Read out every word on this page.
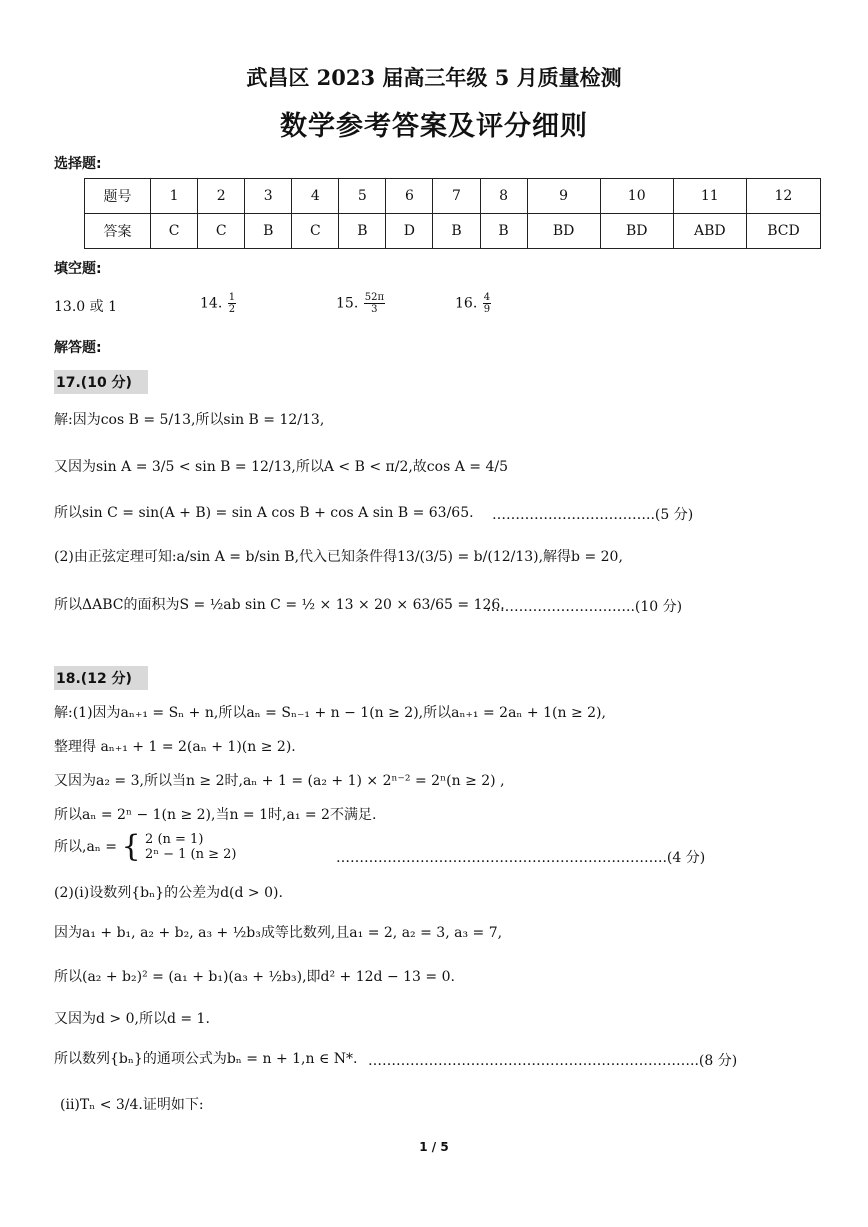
武昌区 2023 届高三年级 5 月质量检测
数学参考答案及评分细则
选择题:
题号	1	2	3	4	5	6	7	8	9	10	11	12
答案	C	C	B	C	B	D	B	B	BD	BD	ABD	BCD
填空题:
13.0 或 1	14. $\frac{1}{2}$	15. $\frac{52\pi}{3}$	16. $\frac{4}{9}$
解答题:
17.(10 分)
解:因为cos B = 5/13,所以sin B = 12/13,
又因为sin A = 3/5 < sin B = 12/13,所以A < B < π/2,故cos A = 4/5
所以sin C = sin(A + B) = sin A cos B + cos A sin B = 63/65. ……………………………..(5 分)
(2)由正弦定理可知:a/sin A = b/sin B,代入已知条件得13/(3/5) = b/(12/13),解得b = 20,
所以ΔABC的面积为S = ½ab sin C = ½ × 13 × 20 × 63/65 = 126.
…………………………..(10 分)
18.(12 分)
解:(1)因为aₙ₊₁ = Sₙ + n,所以aₙ = Sₙ₋₁ + n − 1(n ≥ 2),所以aₙ₊₁ = 2aₙ + 1(n ≥ 2),
整理得 aₙ₊₁ + 1 = 2(aₙ + 1)(n ≥ 2).
又因为a₂ = 3,所以当n ≥ 2时,aₙ + 1 = (a₂ + 1) × 2ⁿ⁻² = 2ⁿ(n ≥ 2) ,
所以aₙ = 2ⁿ − 1(n ≥ 2),当n = 1时,a₁ = 2不满足.
所以,aₙ = { 2 (n = 1)
2ⁿ − 1 (n ≥ 2)	……………………………………………………………..(4 分)
(2)(i)设数列{bₙ}的公差为d(d > 0).
因为a₁ + b₁, a₂ + b₂, a₃ + ½b₃成等比数列,且a₁ = 2, a₂ = 3, a₃ = 7,
所以(a₂ + b₂)² = (a₁ + b₁)(a₃ + ½b₃),即d² + 12d − 13 = 0.
又因为d > 0,所以d = 1.
所以数列{bₙ}的通项公式为bₙ = n + 1,n ∈ N*. ……………………………………………………………..(8 分)
(ii)Tₙ < 3/4.证明如下:
1 / 5
